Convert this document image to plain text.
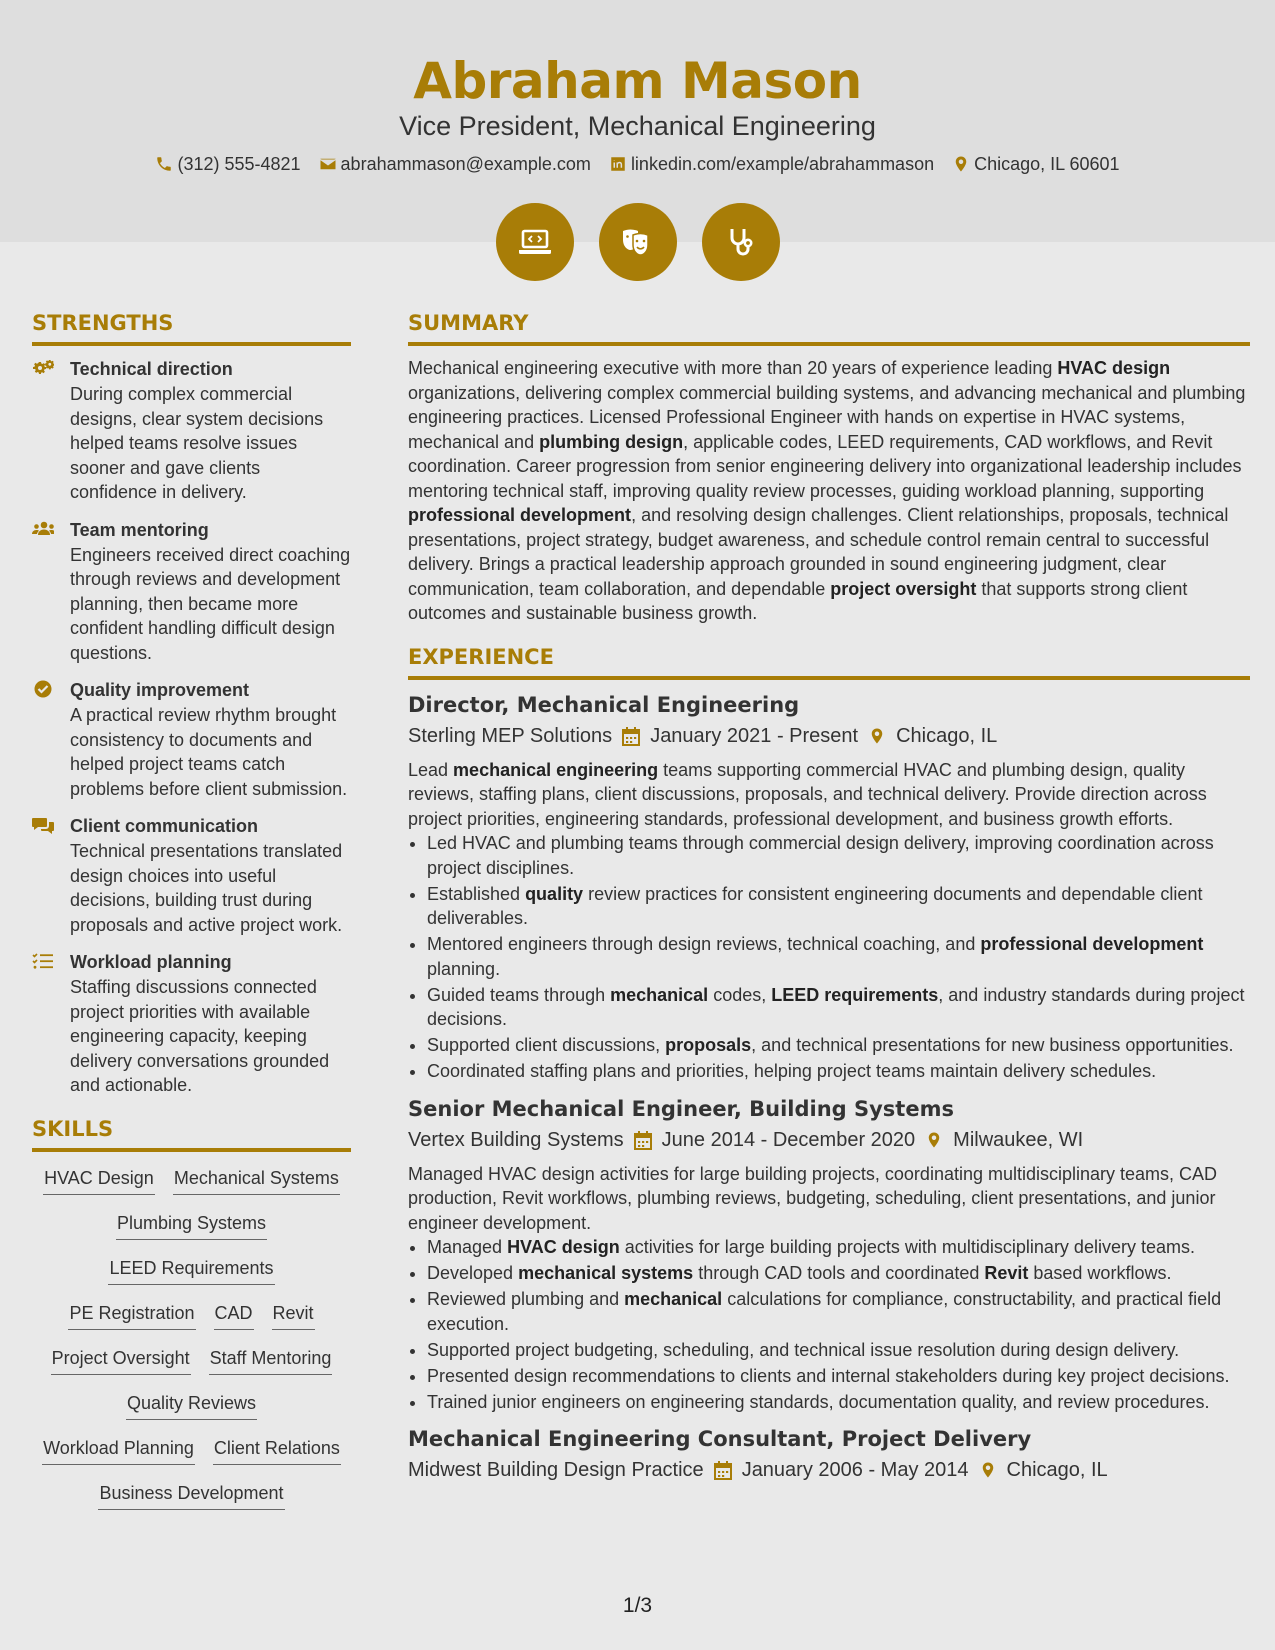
Abraham Mason
Vice President, Mechanical Engineering
(312) 555-4821 abrahammason@example.com linkedin.com/example/abrahammason Chicago, IL 60601
STRENGTHS
Technical direction
During complex commercial designs, clear system decisions helped teams resolve issues sooner and gave clients confidence in delivery.
Team mentoring
Engineers received direct coaching through reviews and development planning, then became more confident handling difficult design questions.
Quality improvement
A practical review rhythm brought consistency to documents and helped project teams catch problems before client submission.
Client communication
Technical presentations translated design choices into useful decisions, building trust during proposals and active project work.
Workload planning
Staffing discussions connected project priorities with available engineering capacity, keeping delivery conversations grounded and actionable.
SKILLS
HVAC Design Mechanical Systems
Plumbing Systems
LEED Requirements
PE Registration CAD Revit
Project Oversight Staff Mentoring
Quality Reviews
Workload Planning Client Relations
Business Development
SUMMARY
Mechanical engineering executive with more than 20 years of experience leading HVAC design organizations, delivering complex commercial building systems, and advancing mechanical and plumbing engineering practices. Licensed Professional Engineer with hands on expertise in HVAC systems, mechanical and plumbing design, applicable codes, LEED requirements, CAD workflows, and Revit coordination. Career progression from senior engineering delivery into organizational leadership includes mentoring technical staff, improving quality review processes, guiding workload planning, supporting professional development, and resolving design challenges. Client relationships, proposals, technical presentations, project strategy, budget awareness, and schedule control remain central to successful delivery. Brings a practical leadership approach grounded in sound engineering judgment, clear communication, team collaboration, and dependable project oversight that supports strong client outcomes and sustainable business growth.
EXPERIENCE
Director, Mechanical Engineering
Sterling MEP Solutions January 2021 - Present Chicago, IL
Lead mechanical engineering teams supporting commercial HVAC and plumbing design, quality reviews, staffing plans, client discussions, proposals, and technical delivery. Provide direction across project priorities, engineering standards, professional development, and business growth efforts.
• Led HVAC and plumbing teams through commercial design delivery, improving coordination across project disciplines.
• Established quality review practices for consistent engineering documents and dependable client deliverables.
• Mentored engineers through design reviews, technical coaching, and professional development planning.
• Guided teams through mechanical codes, LEED requirements, and industry standards during project decisions.
• Supported client discussions, proposals, and technical presentations for new business opportunities.
• Coordinated staffing plans and priorities, helping project teams maintain delivery schedules.
Senior Mechanical Engineer, Building Systems
Vertex Building Systems June 2014 - December 2020 Milwaukee, WI
Managed HVAC design activities for large building projects, coordinating multidisciplinary teams, CAD production, Revit workflows, plumbing reviews, budgeting, scheduling, client presentations, and junior engineer development.
• Managed HVAC design activities for large building projects with multidisciplinary delivery teams.
• Developed mechanical systems through CAD tools and coordinated Revit based workflows.
• Reviewed plumbing and mechanical calculations for compliance, constructability, and practical field execution.
• Supported project budgeting, scheduling, and technical issue resolution during design delivery.
• Presented design recommendations to clients and internal stakeholders during key project decisions.
• Trained junior engineers on engineering standards, documentation quality, and review procedures.
Mechanical Engineering Consultant, Project Delivery
Midwest Building Design Practice January 2006 - May 2014 Chicago, IL
1/3
